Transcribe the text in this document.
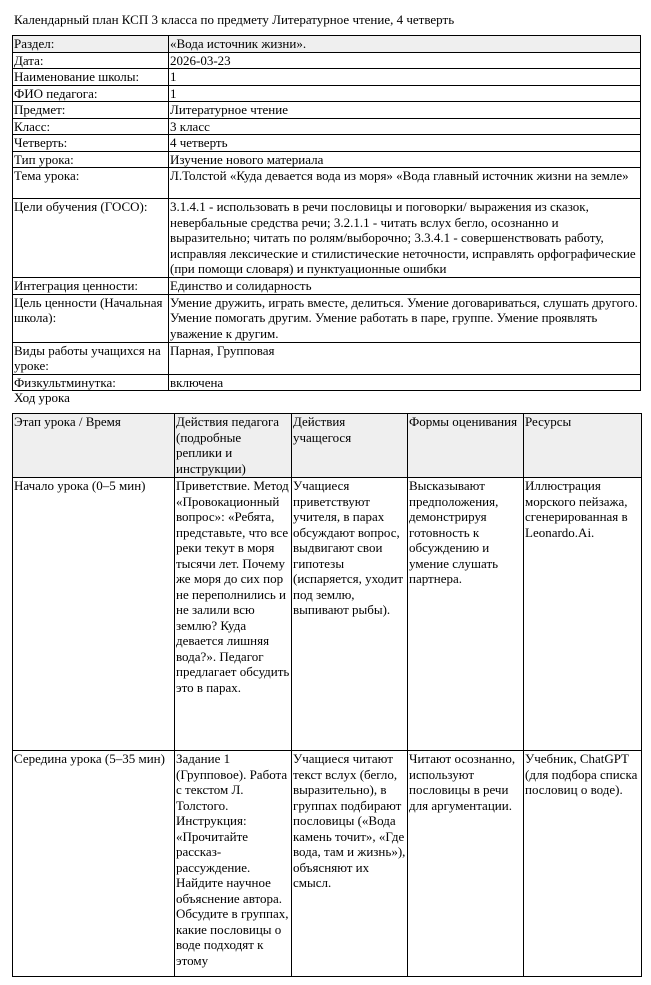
Календарный план КСП 3 класса по предмету Литературное чтение, 4 четверть
Раздел:	«Вода источник жизни».
Дата:	2026-03-23
Наименование школы:	1
ФИО педагога:	1
Предмет:	Литературное чтение
Класс:	3 класс
Четверть:	4 четверть
Тип урока:	Изучение нового материала
Тема урока:	Л.Толстой «Куда девается вода из моря» «Вода главный источник жизни на земле»
Цели обучения (ГОСО):	3.1.4.1 - использовать в речи пословицы и поговорки/ выражения из сказок, невербальные средства речи; 3.2.1.1 - читать вслух бегло, осознанно и выразительно; читать по ролям/выборочно; 3.3.4.1 - совершенствовать работу, исправляя лексические и стилистические неточности, исправлять орфографические (при помощи словаря) и пунктуационные ошибки
Интеграция ценности:	Единство и солидарность
Цель ценности (Начальная школа):	Умение дружить, играть вместе, делиться. Умение договариваться, слушать другого. Умение помогать другим. Умение работать в паре, группе. Умение проявлять уважение к другим.
Виды работы учащихся на уроке:	Парная, Групповая
Физкультминутка:	включена
Ход урока
Этап урока / Время	Действия педагога (подробные реплики и инструкции)	Действия учащегося	Формы оценивания	Ресурсы
Начало урока (0–5 мин)	Приветствие. Метод «Провокационный вопрос»: «Ребята, представьте, что все реки текут в моря тысячи лет. Почему же моря до сих пор не переполнились и не залили всю землю? Куда девается лишняя вода?». Педагог предлагает обсудить это в парах.	Учащиеся приветствуют учителя, в парах обсуждают вопрос, выдвигают свои гипотезы (испаряется, уходит под землю, выпивают рыбы).	Высказывают предположения, демонстрируя готовность к обсуждению и умение слушать партнера.	Иллюстрация морского пейзажа, сгенерированная в Leonardo.Ai.
Середина урока (5–35 мин)	Задание 1 (Групповое). Работа с текстом Л. Толстого. Инструкция: «Прочитайте рассказ-рассуждение. Найдите научное объяснение автора. Обсудите в группах, какие пословицы о воде подходят к этому	Учащиеся читают текст вслух (бегло, выразительно), в группах подбирают пословицы («Вода камень точит», «Где вода, там и жизнь»), объясняют их смысл.	Читают осознанно, используют пословицы в речи для аргументации.	Учебник, ChatGPT (для подбора списка пословиц о воде).
